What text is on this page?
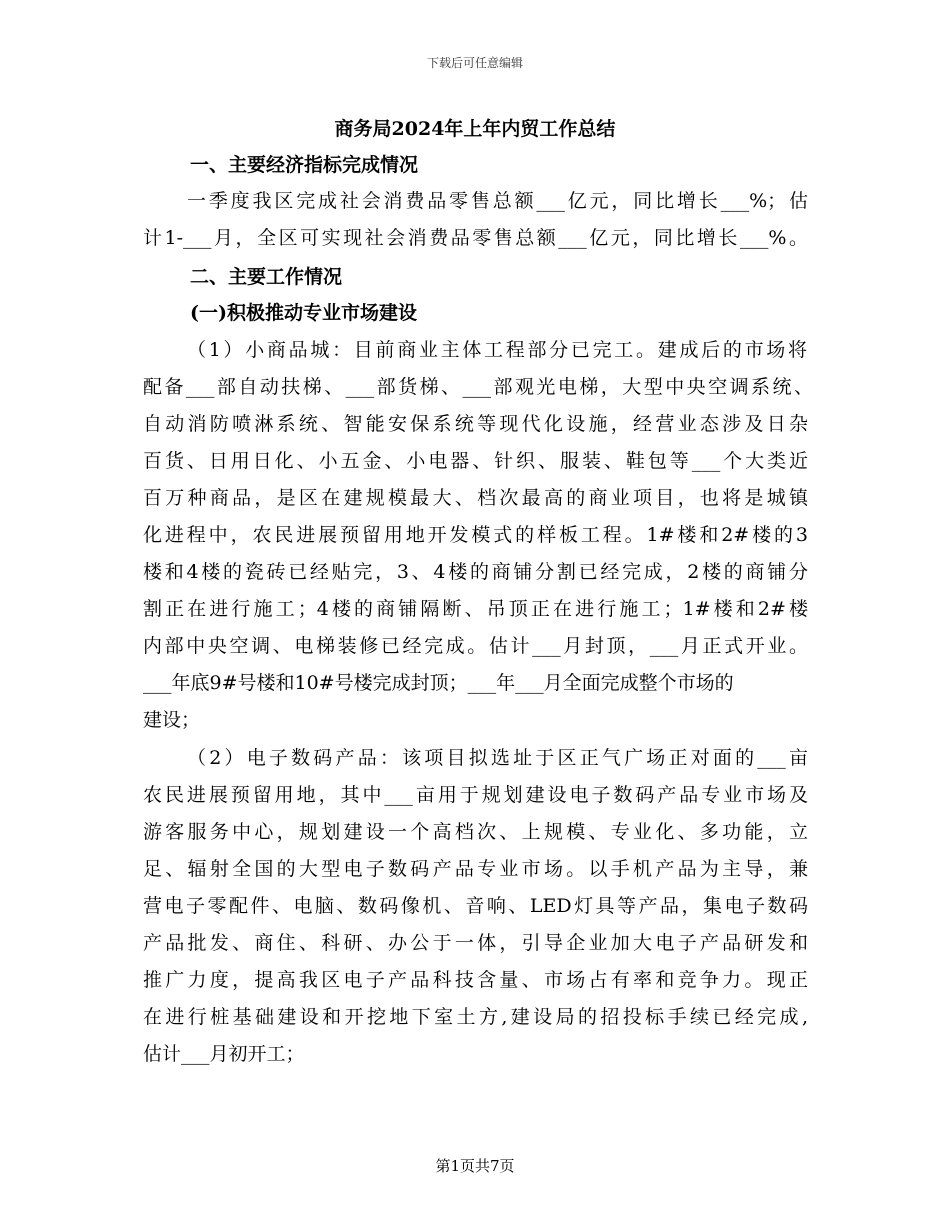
下载后可任意编辑
商务局2024年上年内贸工作总结
一、主要经济指标完成情况
一季度我区完成社会消费品零售总额___亿元，同比增长___%；估
计1-___月，全区可实现社会消费品零售总额___亿元，同比增长___%。
二、主要工作情况
(一)积极推动专业市场建设
（1）小商品城：目前商业主体工程部分已完工。建成后的市场将
配备___部自动扶梯、___部货梯、___部观光电梯，大型中央空调系统、
自动消防喷淋系统、智能安保系统等现代化设施，经营业态涉及日杂
百货、日用日化、小五金、小电器、针织、服装、鞋包等___个大类近
百万种商品，是区在建规模最大、档次最高的商业项目，也将是城镇
化进程中，农民进展预留用地开发模式的样板工程。1#楼和2#楼的3
楼和4楼的瓷砖已经贴完，3、4楼的商铺分割已经完成，2楼的商铺分
割正在进行施工；4楼的商铺隔断、吊顶正在进行施工；1#楼和2#楼
内部中央空调、电梯装修已经完成。估计___月封顶，___月正式开业。
___年底9#号楼和10#号楼完成封顶；___年___月全面完成整个市场的
建设；
（2）电子数码产品：该项目拟选址于区正气广场正对面的___亩
农民进展预留用地，其中___亩用于规划建设电子数码产品专业市场及
游客服务中心，规划建设一个高档次、上规模、专业化、多功能，立
足、辐射全国的大型电子数码产品专业市场。以手机产品为主导，兼
营电子零配件、电脑、数码像机、音响、LED灯具等产品，集电子数码
产品批发、商住、科研、办公于一体，引导企业加大电子产品研发和
推广力度，提高我区电子产品科技含量、市场占有率和竞争力。现正
在进行桩基础建设和开挖地下室土方,建设局的招投标手续已经完成,
估计___月初开工；
第1页共7页
